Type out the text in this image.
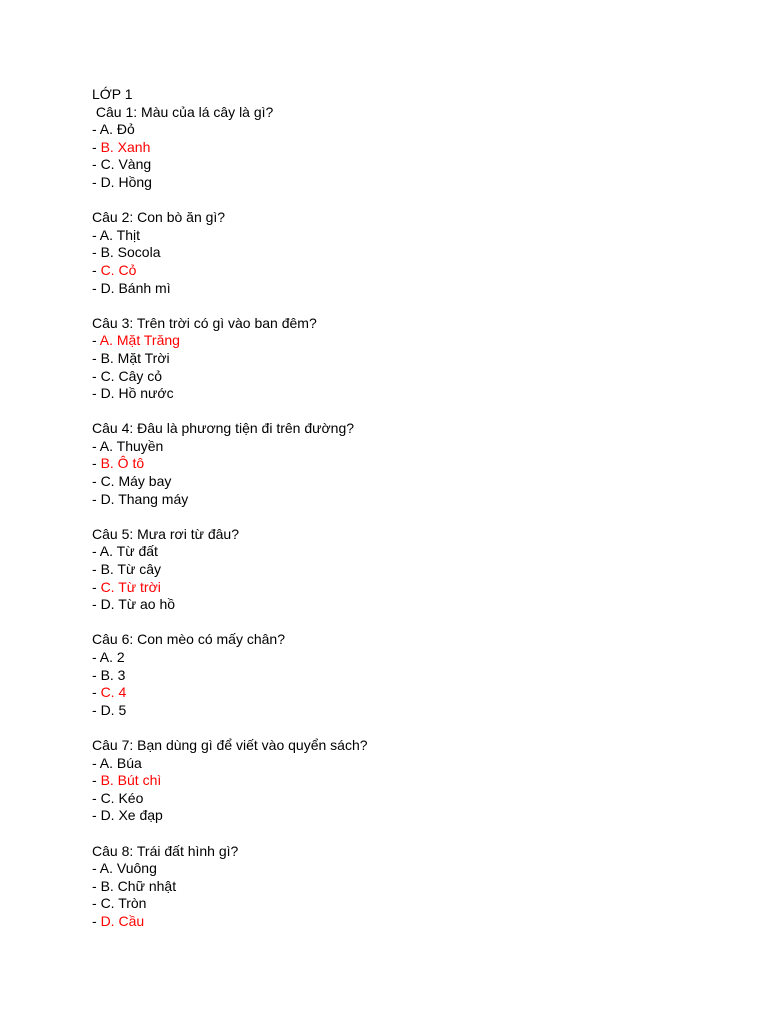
LỚP 1
Câu 1: Màu của lá cây là gì?
- A. Đỏ
- B. Xanh
- C. Vàng
- D. Hồng
Câu 2: Con bò ăn gì?
- A. Thịt
- B. Socola
- C. Cỏ
- D. Bánh mì
Câu 3: Trên trời có gì vào ban đêm?
- A. Mặt Trăng
- B. Mặt Trời
- C. Cây cỏ
- D. Hồ nước
Câu 4: Đâu là phương tiện đi trên đường?
- A. Thuyền
- B. Ô tô
- C. Máy bay
- D. Thang máy
Câu 5: Mưa rơi từ đâu?
- A. Từ đất
- B. Từ cây
- C. Từ trời
- D. Từ ao hồ
Câu 6: Con mèo có mấy chân?
- A. 2
- B. 3
- C. 4
- D. 5
Câu 7: Bạn dùng gì để viết vào quyển sách?
- A. Búa
- B. Bút chì
- C. Kéo
- D. Xe đạp
Câu 8: Trái đất hình gì?
- A. Vuông
- B. Chữ nhật
- C. Tròn
- D. Cầu
